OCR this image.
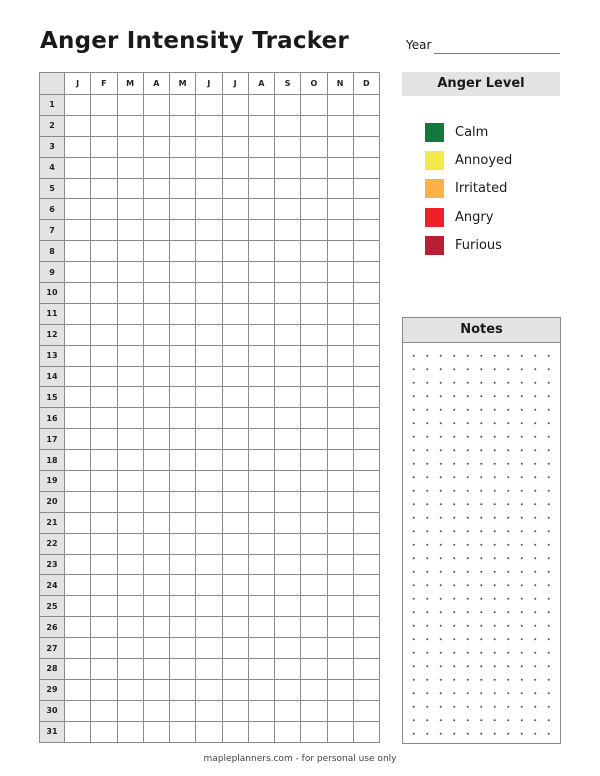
Anger Intensity Tracker	Year
	J	F	M	A	M	J	J	A	S	O	N	D
1												
2												
3												
4												
5												
6												
7												
8												
9												
10												
11												
12												
13												
14												
15												
16												
17												
18												
19												
20												
21												
22												
23												
24												
25												
26												
27												
28												
29												
30												
31												
Anger Level
Calm
Annoyed
Irritated
Angry
Furious
Notes
mapleplanners.com - for personal use only
